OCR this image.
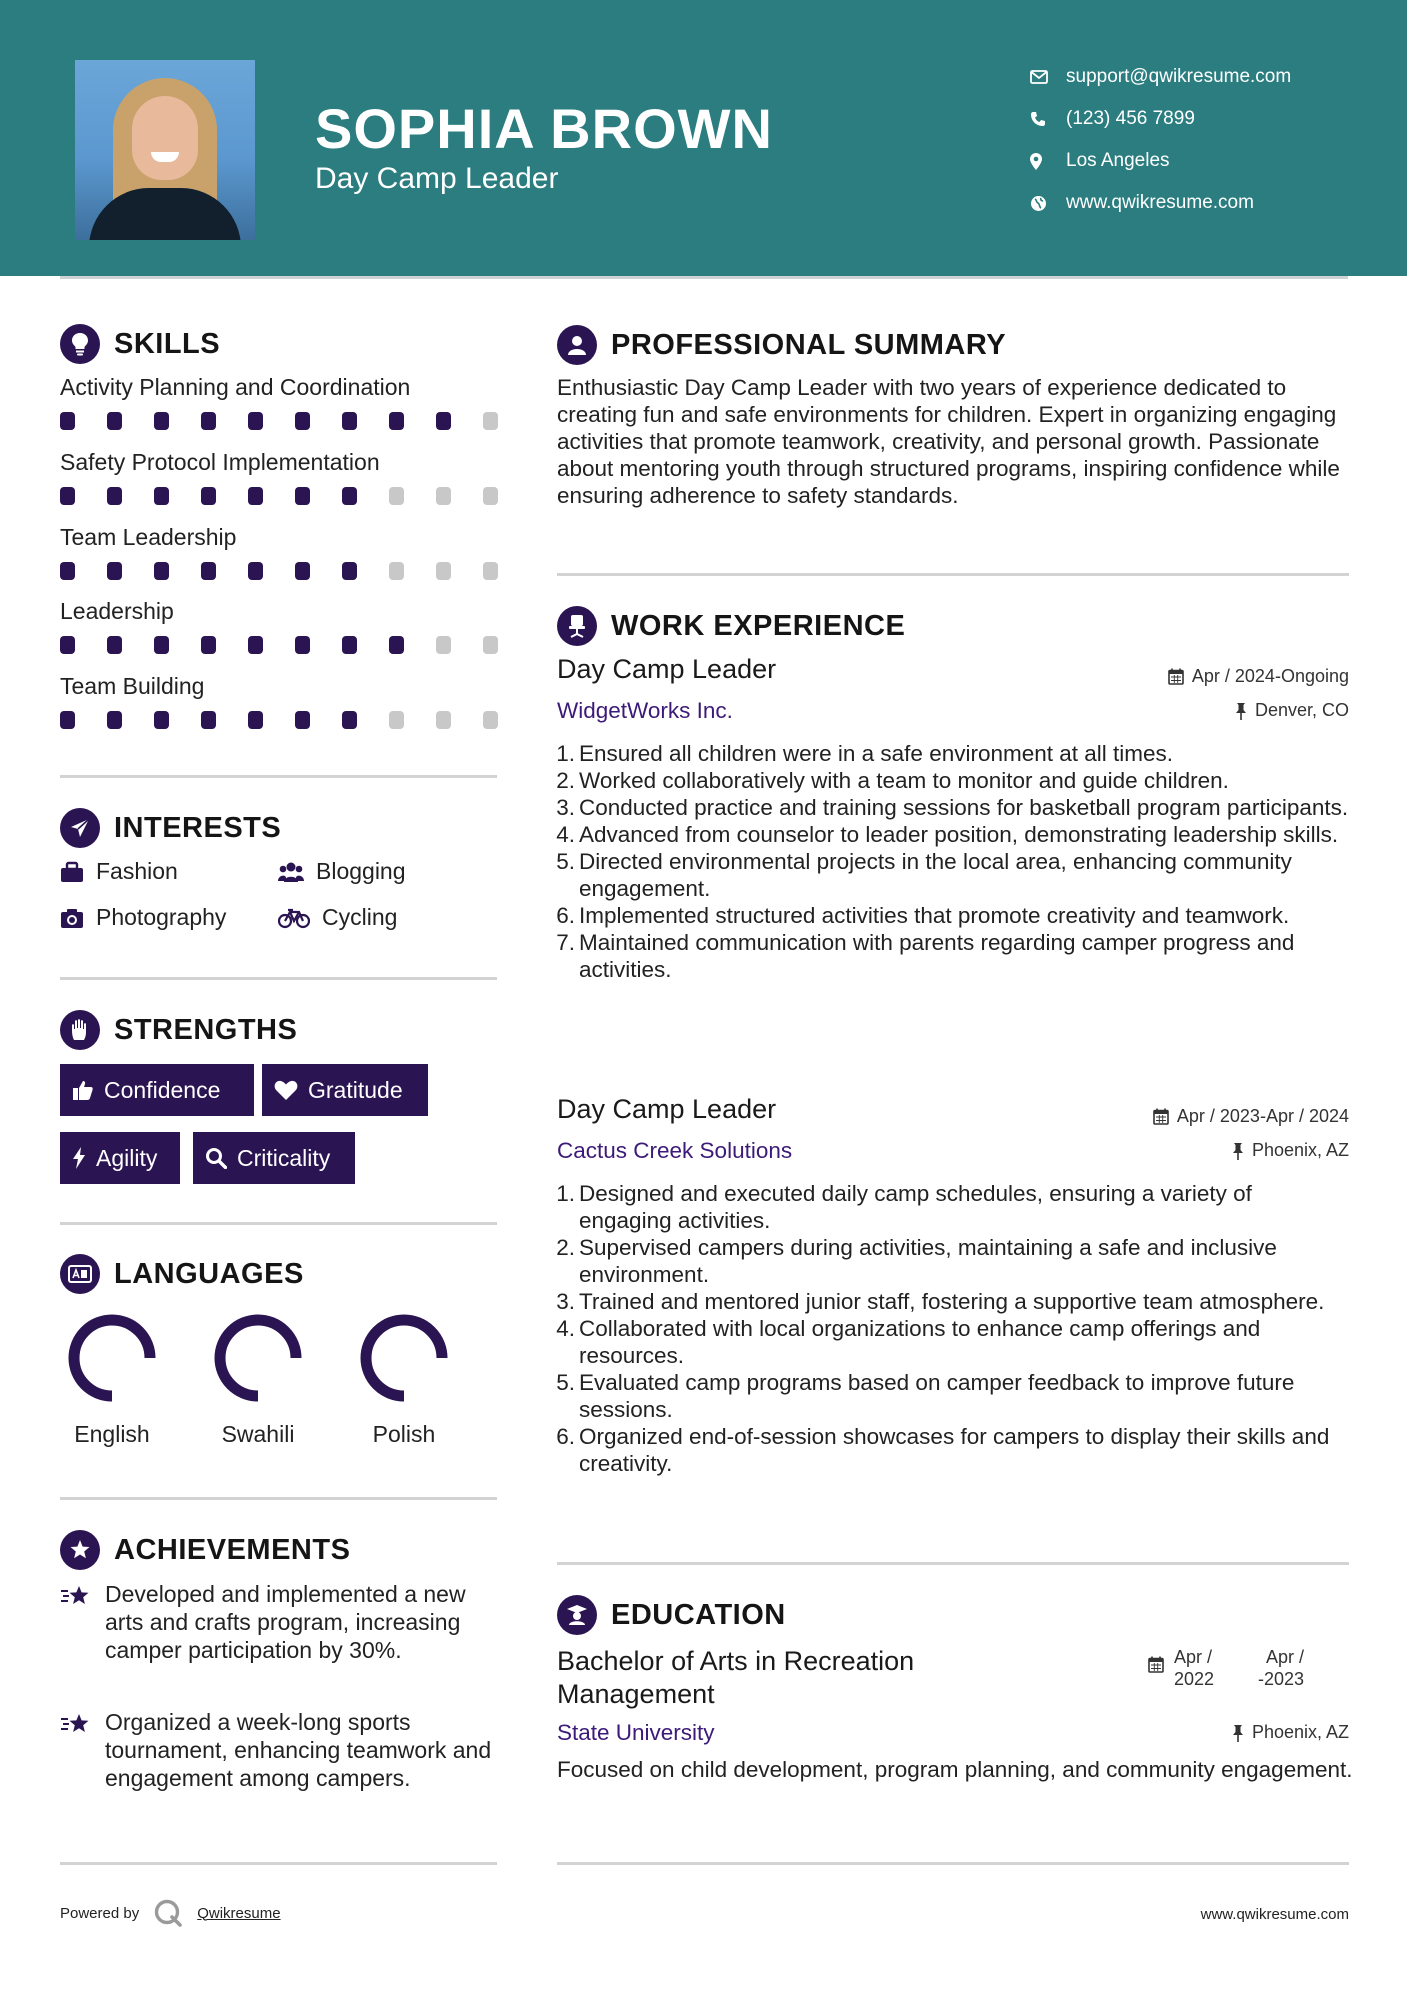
SOPHIA BROWN
Day Camp Leader
support@qwikresume.com
(123) 456 7899
Los Angeles
www.qwikresume.com
SKILLS
Activity Planning and Coordination
Safety Protocol Implementation
Team Leadership
Leadership
Team Building
INTERESTS
Fashion	Blogging
Photography	Cycling
STRENGTHS
Confidence	Gratitude
Agility	Criticality
LANGUAGES
English	Swahili	Polish
ACHIEVEMENTS
Developed and implemented a new arts and crafts program, increasing camper participation by 30%.
Organized a week-long sports tournament, enhancing teamwork and engagement among campers.
PROFESSIONAL SUMMARY
Enthusiastic Day Camp Leader with two years of experience dedicated to creating fun and safe environments for children. Expert in organizing engaging activities that promote teamwork, creativity, and personal growth. Passionate about mentoring youth through structured programs, inspiring confidence while ensuring adherence to safety standards.
WORK EXPERIENCE
Day Camp Leader	Apr / 2024-Ongoing
WidgetWorks Inc.	Denver, CO
1. Ensured all children were in a safe environment at all times.
2. Worked collaboratively with a team to monitor and guide children.
3. Conducted practice and training sessions for basketball program participants.
4. Advanced from counselor to leader position, demonstrating leadership skills.
5. Directed environmental projects in the local area, enhancing community engagement.
6. Implemented structured activities that promote creativity and teamwork.
7. Maintained communication with parents regarding camper progress and activities.
Day Camp Leader	Apr / 2023-Apr / 2024
Cactus Creek Solutions	Phoenix, AZ
1. Designed and executed daily camp schedules, ensuring a variety of engaging activities.
2. Supervised campers during activities, maintaining a safe and inclusive environment.
3. Trained and mentored junior staff, fostering a supportive team atmosphere.
4. Collaborated with local organizations to enhance camp offerings and resources.
5. Evaluated camp programs based on camper feedback to improve future sessions.
6. Organized end-of-session showcases for campers to display their skills and creativity.
EDUCATION
Bachelor of Arts in Recreation
Management
Apr /
2022
Apr /
-2023
State University	Phoenix, AZ
Focused on child development, program planning, and community engagement.
Powered by	Qwikresume	www.qwikresume.com
